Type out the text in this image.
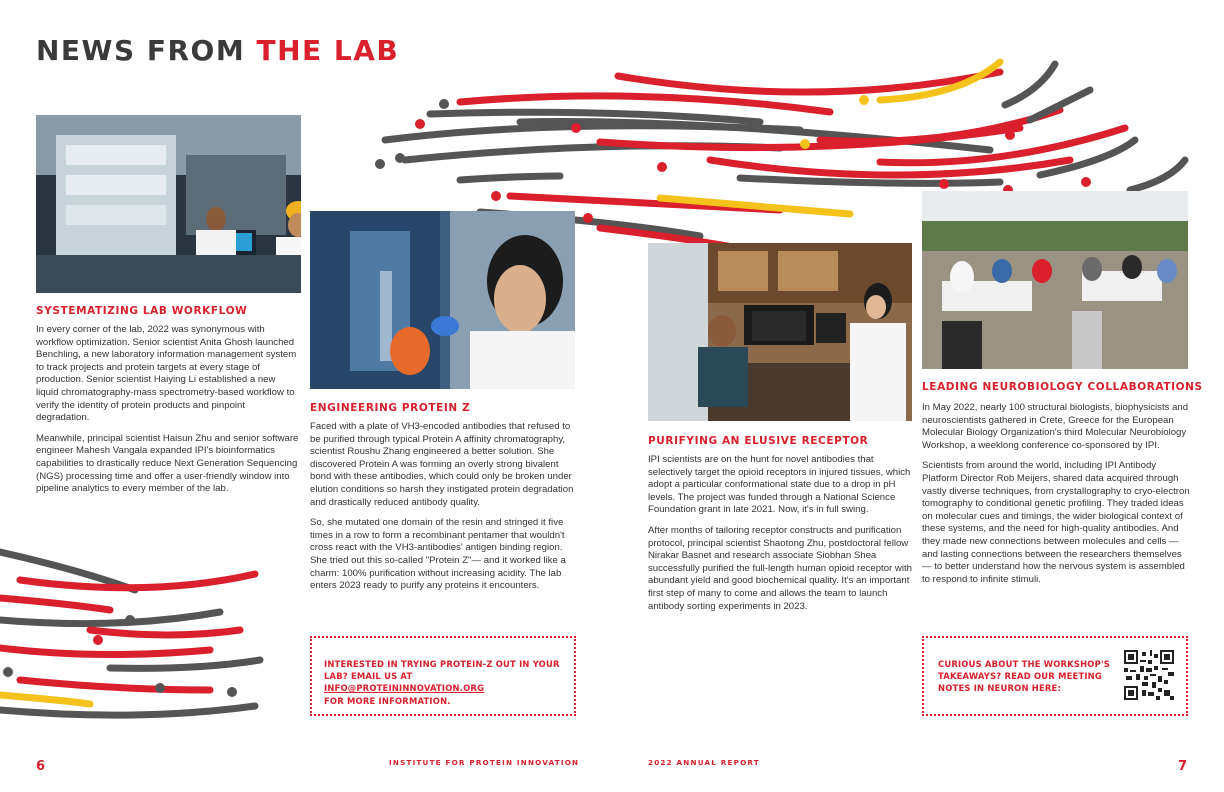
NEWS FROM THE LAB
SYSTEMATIZING LAB WORKFLOW

In every corner of the lab, 2022 was synonymous with workflow optimization. Senior scientist Anita Ghosh launched Benchling, a new laboratory information management system to track projects and protein targets at every stage of production. Senior scientist Haiying Li established a new liquid chromatography-mass spectrometry-based workflow to verify the identity of protein products and pinpoint degradation.

Meanwhile, principal scientist Haisun Zhu and senior software engineer Mahesh Vangala expanded IPI's bioinformatics capabilities to drastically reduce Next Generation Sequencing (NGS) processing time and offer a user-friendly window into pipeline analytics to every member of the lab.

ENGINEERING PROTEIN Z

Faced with a plate of VH3-encoded antibodies that refused to be purified through typical Protein A affinity chromatography, scientist Roushu Zhang engineered a better solution. She discovered Protein A was forming an overly strong bivalent bond with these antibodies, which could only be broken under elution conditions so harsh they instigated protein degradation and drastically reduced antibody quality.

So, she mutated one domain of the resin and stringed it five times in a row to form a recombinant pentamer that wouldn't cross react with the VH3-antibodies' antigen binding region. She tried out this so-called "Protein Z"— and it worked like a charm: 100% purification without increasing acidity. The lab enters 2023 ready to purify any proteins it encounters.

PURIFYING AN ELUSIVE RECEPTOR

IPI scientists are on the hunt for novel antibodies that selectively target the opioid receptors in injured tissues, which adopt a particular conformational state due to a drop in pH levels. The project was funded through a National Science Foundation grant in late 2021. Now, it's in full swing.

After months of tailoring receptor constructs and purification protocol, principal scientist Shaotong Zhu, postdoctoral fellow Nirakar Basnet and research associate Siobhan Shea successfully purified the full-length human opioid receptor with abundant yield and good biochemical quality. It's an important first step of many to come and allows the team to launch antibody sorting experiments in 2023.

LEADING NEUROBIOLOGY COLLABORATIONS

In May 2022, nearly 100 structural biologists, biophysicists and neuroscientists gathered in Crete, Greece for the European Molecular Biology Organization's third Molecular Neurobiology Workshop, a weeklong conference co-sponsored by IPI.

Scientists from around the world, including IPI Antibody Platform Director Rob Meijers, shared data acquired through vastly diverse techniques, from crystallography to cryo-electron tomography to conditional genetic profiling. They traded ideas on molecular cues and timings, the wider biological context of these systems, and the need for high-quality antibodies. And they made new connections between molecules and cells — and lasting connections between the researchers themselves — to better understand how the nervous system is assembled to respond to infinite stimuli.

INTERESTED IN TRYING PROTEIN-Z OUT IN YOUR
LAB? EMAIL US AT INFO@PROTEININNOVATION.ORG
FOR MORE INFORMATION.
CURIOUS ABOUT THE WORKSHOP'S
TAKEAWAYS? READ OUR MEETING
NOTES IN NEURON HERE:
6	INSTITUTE FOR PROTEIN INNOVATION	2022 ANNUAL REPORT	7
